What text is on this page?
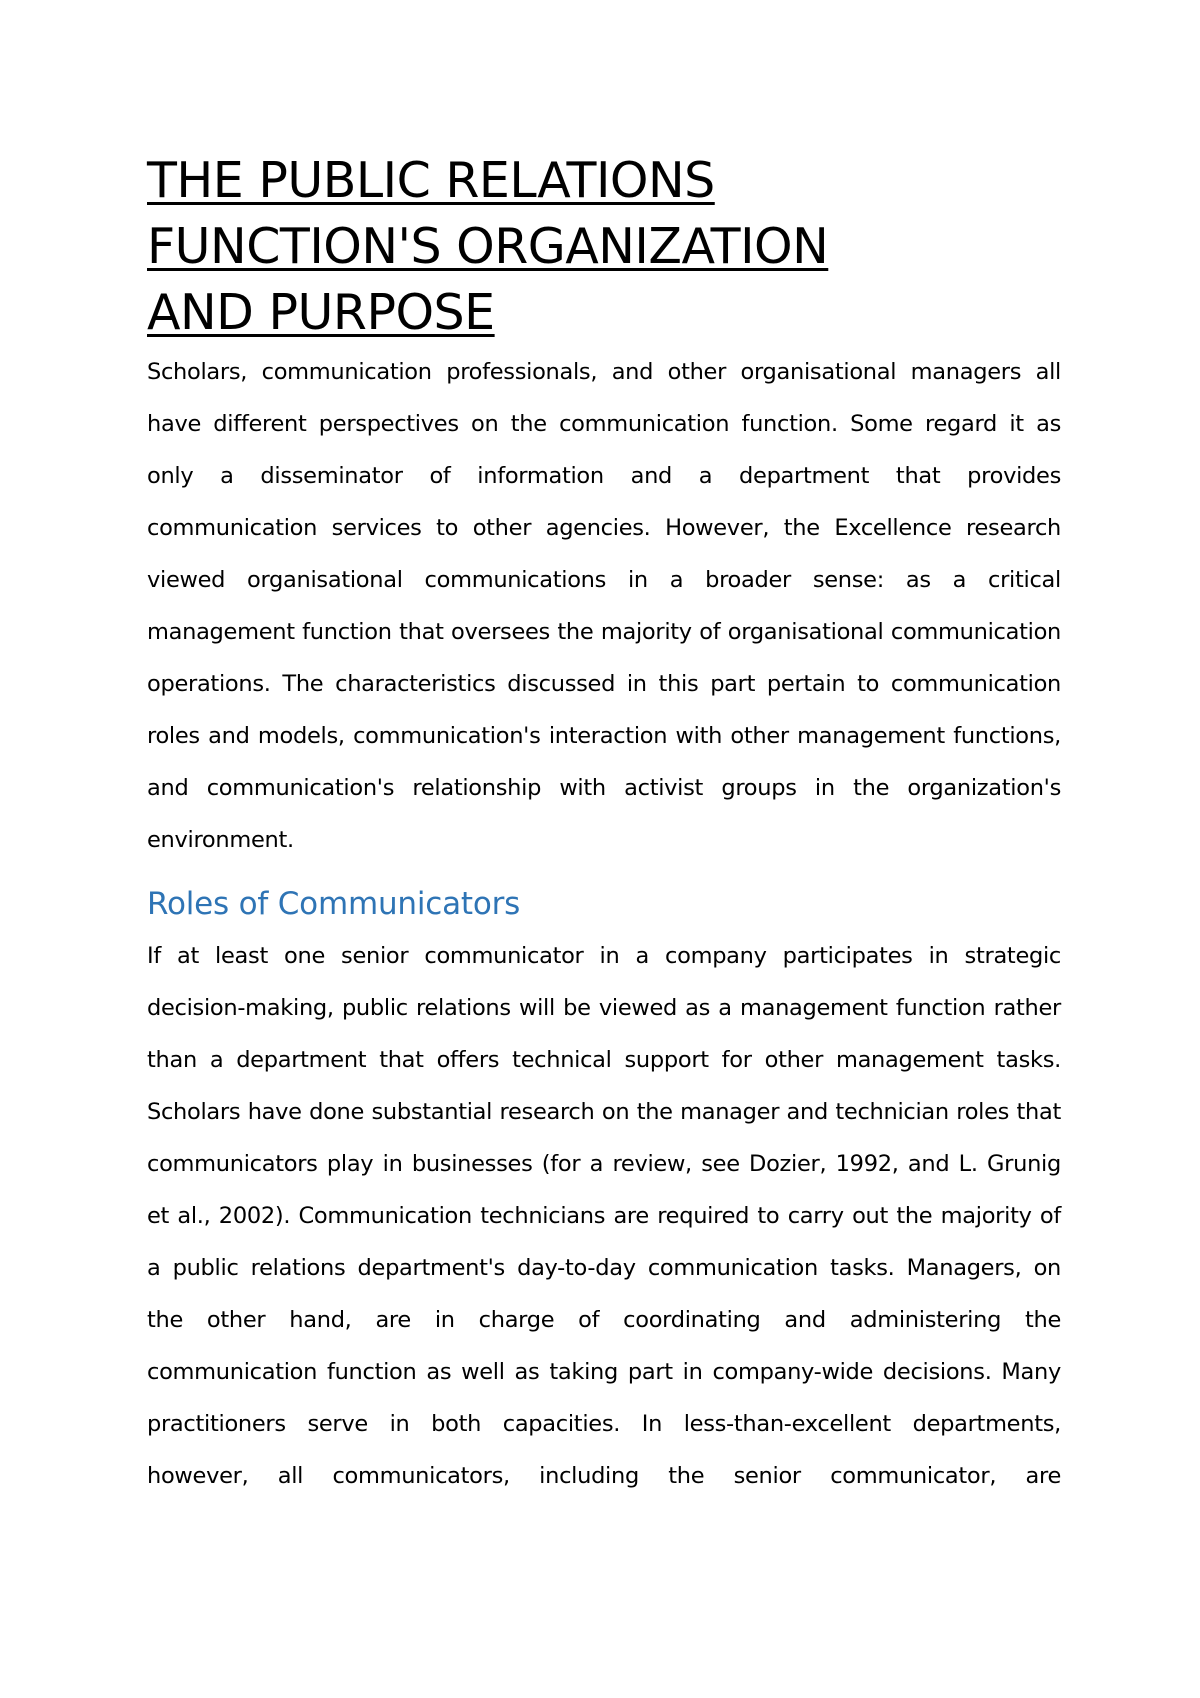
THE PUBLIC RELATIONS
FUNCTION'S ORGANIZATION
AND PURPOSE

Scholars, communication professionals, and other organisational managers all have different perspectives on the communication function. Some regard it as only a disseminator of information and a department that provides communication services to other agencies. However, the Excellence research viewed organisational communications in a broader sense: as a critical management function that oversees the majority of organisational communication operations. The characteristics discussed in this part pertain to communication roles and models, communication's interaction with other management functions, and communication's relationship with activist groups in the organization's environment.

Roles of Communicators

If at least one senior communicator in a company participates in strategic decision-making, public relations will be viewed as a management function rather than a department that offers technical support for other management tasks. Scholars have done substantial research on the manager and technician roles that communicators play in businesses (for a review, see Dozier, 1992, and L. Grunig et al., 2002). Communication technicians are required to carry out the majority of a public relations department's day-to-day communication tasks. Managers, on the other hand, are in charge of coordinating and administering the communication function as well as taking part in company-wide decisions. Many practitioners serve in both capacities. In less-than-excellent departments, however, all communicators, including the senior communicator, are
